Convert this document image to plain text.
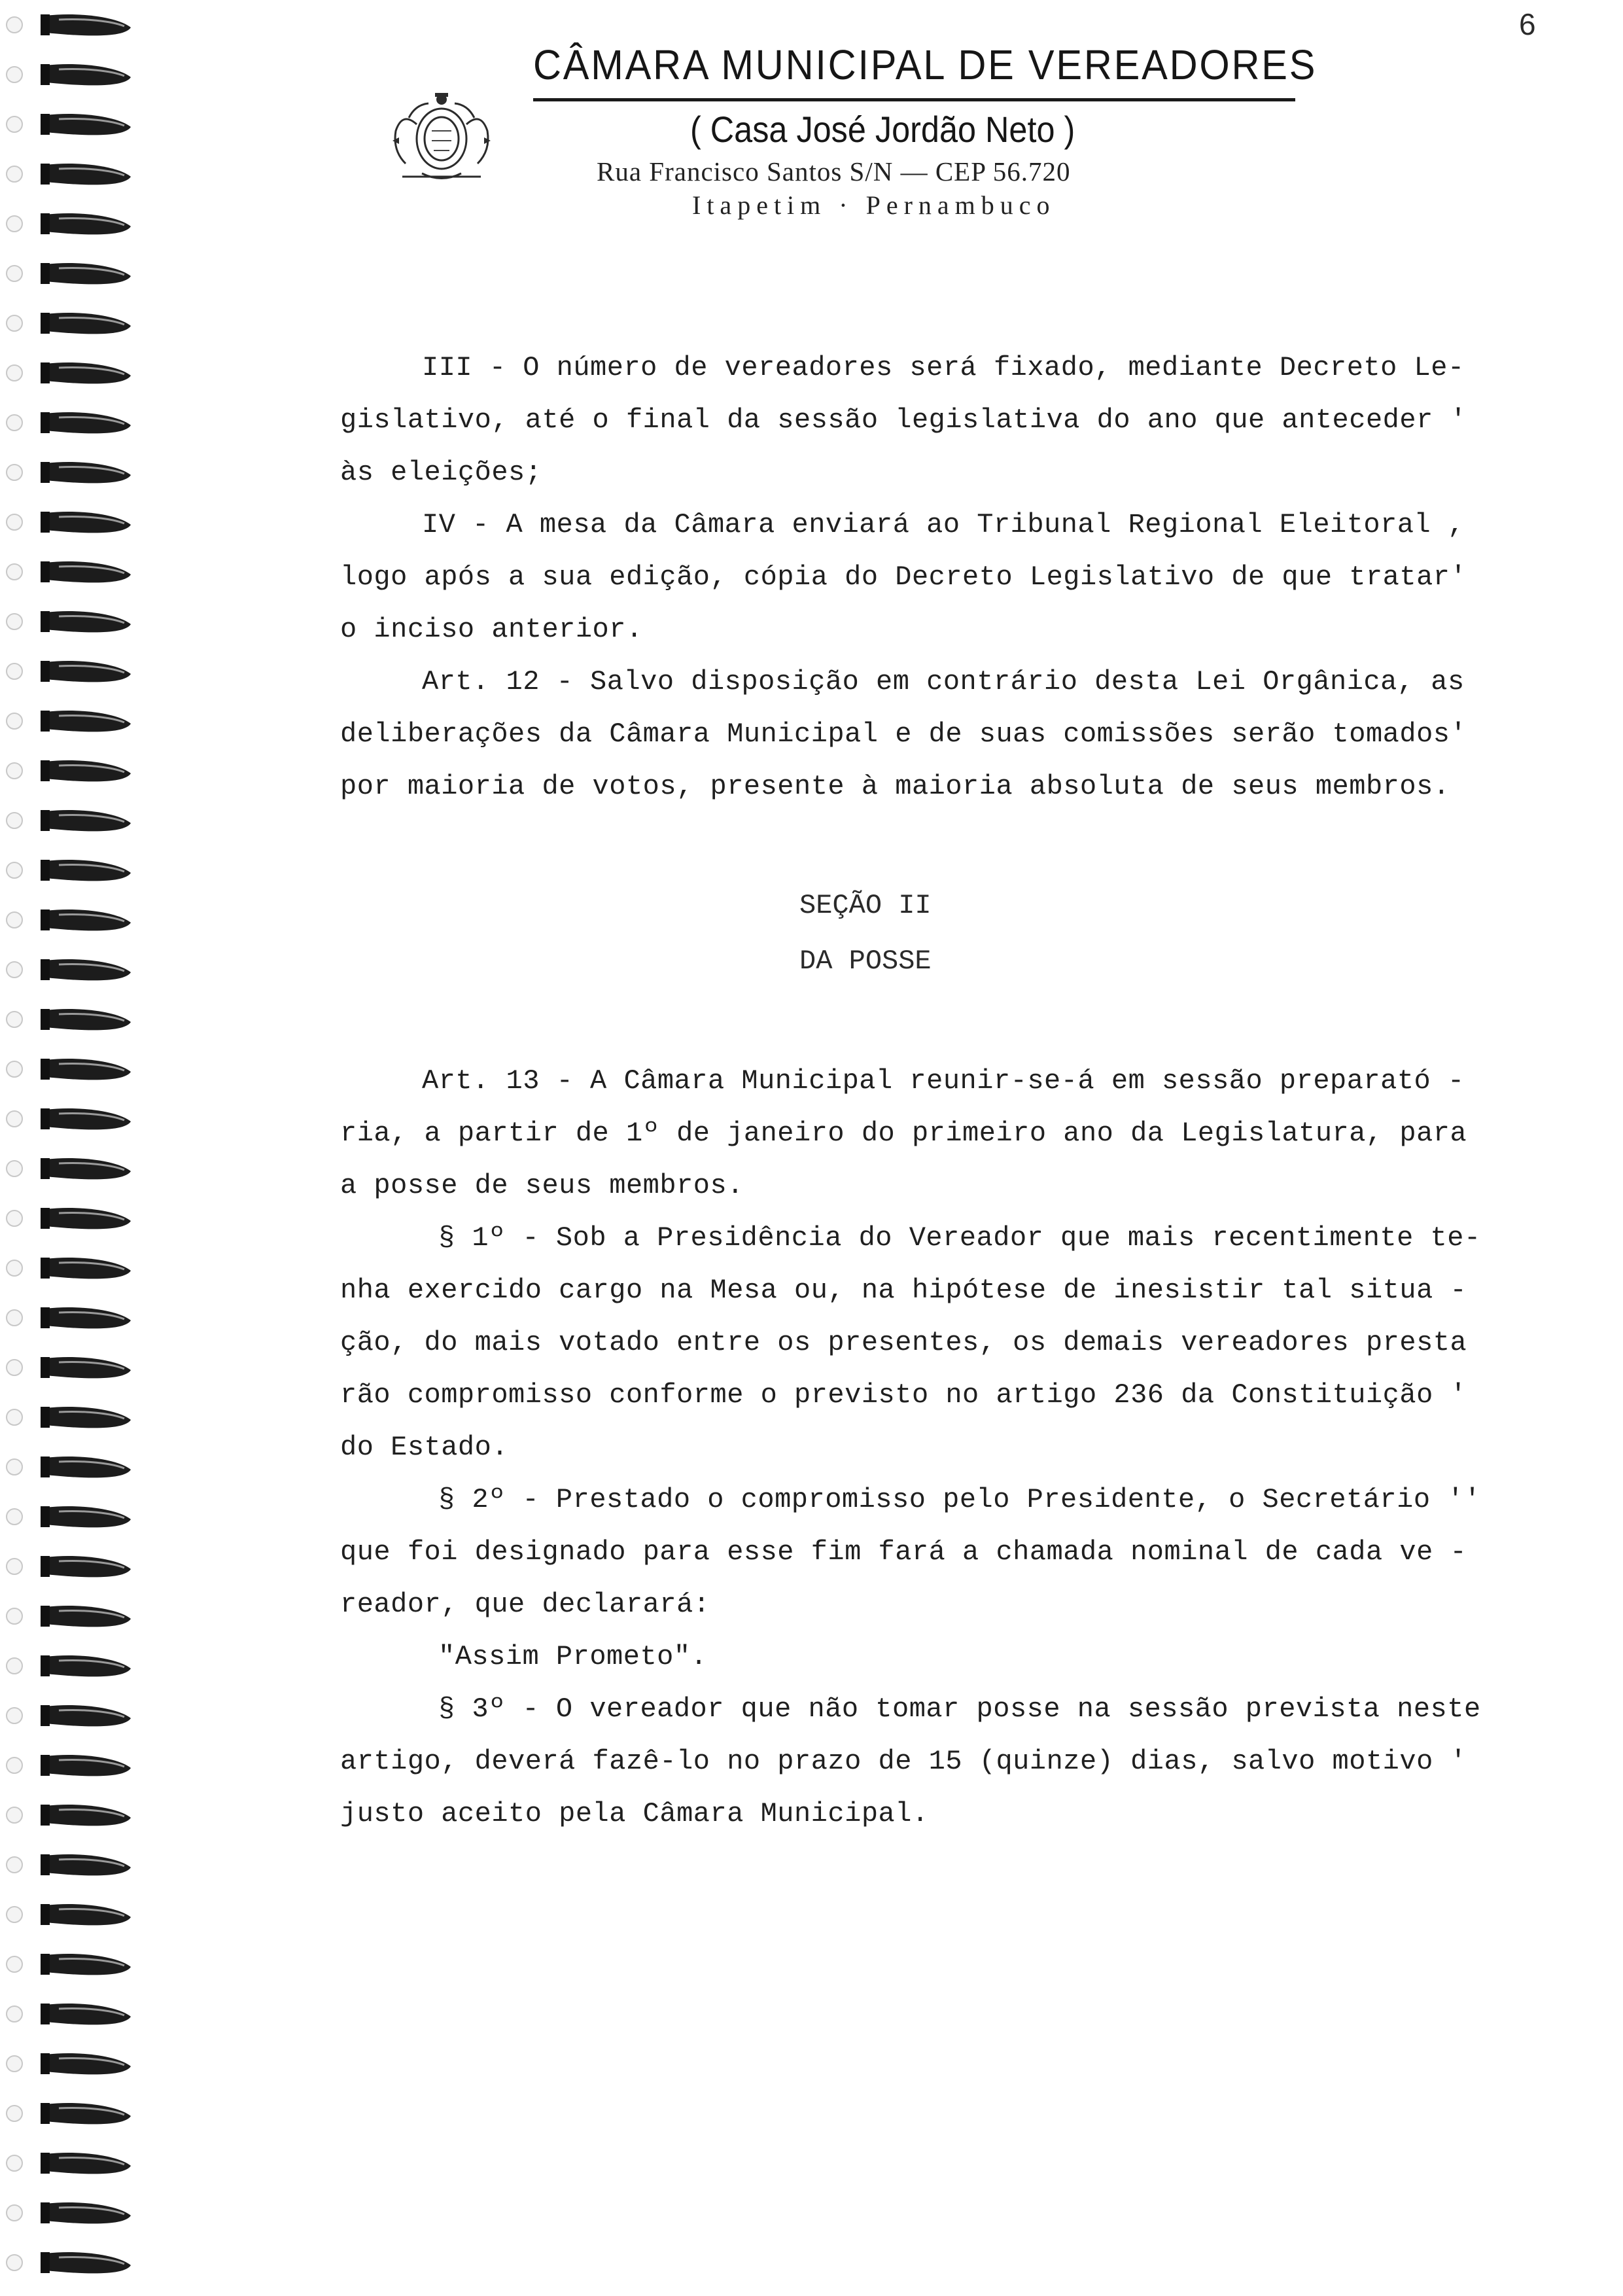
6
CÂMARA MUNICIPAL DE VEREADORES
( Casa José Jordão Neto )
Rua Francisco Santos S/N — CEP 56.720
Itapetim · Pernambuco
III - O número de vereadores será fixado, mediante Decreto Le-
gislativo, até o final da sessão legislativa do ano que anteceder '
às eleições;
IV - A mesa da Câmara enviará ao Tribunal Regional Eleitoral ,
logo após a sua edição, cópia do Decreto Legislativo de que tratar'
o inciso anterior.
Art. 12 - Salvo disposição em contrário desta Lei Orgânica, as
deliberações da Câmara Municipal e de suas comissões serão tomados'
por maioria de votos, presente à maioria absoluta de seus membros.
SEÇÃO II
DA POSSE
Art. 13 - A Câmara Municipal reunir-se-á em sessão preparató -
ria, a partir de 1º de janeiro do primeiro ano da Legislatura, para
a posse de seus membros.
§ 1º - Sob a Presidência do Vereador que mais recentimente te-
nha exercido cargo na Mesa ou, na hipótese de inesistir tal situa -
ção, do mais votado entre os presentes, os demais vereadores presta
rão compromisso conforme o previsto no artigo 236 da Constituição '
do Estado.
§ 2º - Prestado o compromisso pelo Presidente, o Secretário ''
que foi designado para esse fim fará a chamada nominal de cada ve -
reador, que declarará:
"Assim Prometo".
§ 3º - O vereador que não tomar posse na sessão prevista neste
artigo, deverá fazê-lo no prazo de 15 (quinze) dias, salvo motivo '
justo aceito pela Câmara Municipal.
